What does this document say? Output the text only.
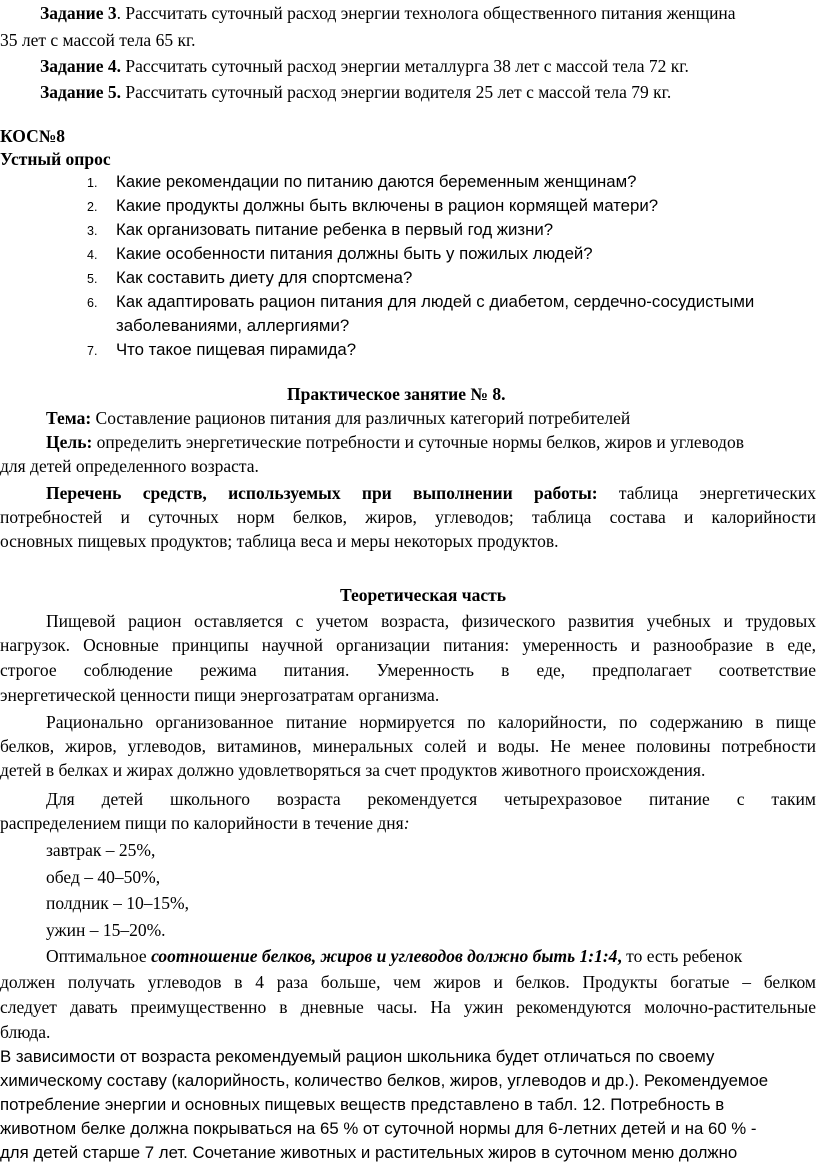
Задание 3. Рассчитать суточный расход энергии технолога общественного питания женщина
35 лет с массой тела 65 кг.
Задание 4. Рассчитать суточный расход энергии металлурга 38 лет с массой тела 72 кг.
Задание 5. Рассчитать суточный расход энергии водителя 25 лет с массой тела 79 кг.
КОС№8
Устный опрос
1. Какие рекомендации по питанию даются беременным женщинам?
2. Какие продукты должны быть включены в рацион кормящей матери?
3. Как организовать питание ребенка в первый год жизни?
4. Какие особенности питания должны быть у пожилых людей?
5. Как составить диету для спортсмена?
6. Как адаптировать рацион питания для людей с диабетом, сердечно-сосудистыми
заболеваниями, аллергиями?
7. Что такое пищевая пирамида?
Практическое занятие № 8.
Тема: Составление рационов питания для различных категорий потребителей
Цель: определить энергетические потребности и суточные нормы белков, жиров и углеводов
для детей определенного возраста.
Перечень средств, используемых при выполнении работы: таблица энергетических
потребностей и суточных норм белков, жиров, углеводов; таблица состава и калорийности
основных пищевых продуктов; таблица веса и меры некоторых продуктов.
Теоретическая часть
Пищевой рацион оставляется с учетом возраста, физического развития учебных и трудовых
нагрузок. Основные принципы научной организации питания: умеренность и разнообразие в еде,
строгое соблюдение режима питания. Умеренность в еде, предполагает соответствие
энергетической ценности пищи энергозатратам организма.
Рационально организованное питание нормируется по калорийности, по содержанию в пище
белков, жиров, углеводов, витаминов, минеральных солей и воды. Не менее половины потребности
детей в белках и жирах должно удовлетворяться за счет продуктов животного происхождения.
Для детей школьного возраста рекомендуется четырехразовое питание с таким
распределением пищи по калорийности в течение дня:
завтрак – 25%,
обед – 40–50%,
полдник – 10–15%,
ужин – 15–20%.
Оптимальное соотношение белков, жиров и углеводов должно быть 1:1:4, то есть ребенок
должен получать углеводов в 4 раза больше, чем жиров и белков. Продукты богатые – белком
следует давать преимущественно в дневные часы. На ужин рекомендуются молочно-растительные
блюда.
В зависимости от возраста рекомендуемый рацион школьника будет отличаться по своему
химическому составу (калорийность, количество белков, жиров, углеводов и др.). Рекомендуемое
потребление энергии и основных пищевых веществ представлено в табл. 12. Потребность в
животном белке должна покрываться на 65 % от суточной нормы для 6-летних детей и на 60 % -
для детей старше 7 лет. Сочетание животных и растительных жиров в суточном меню должно
